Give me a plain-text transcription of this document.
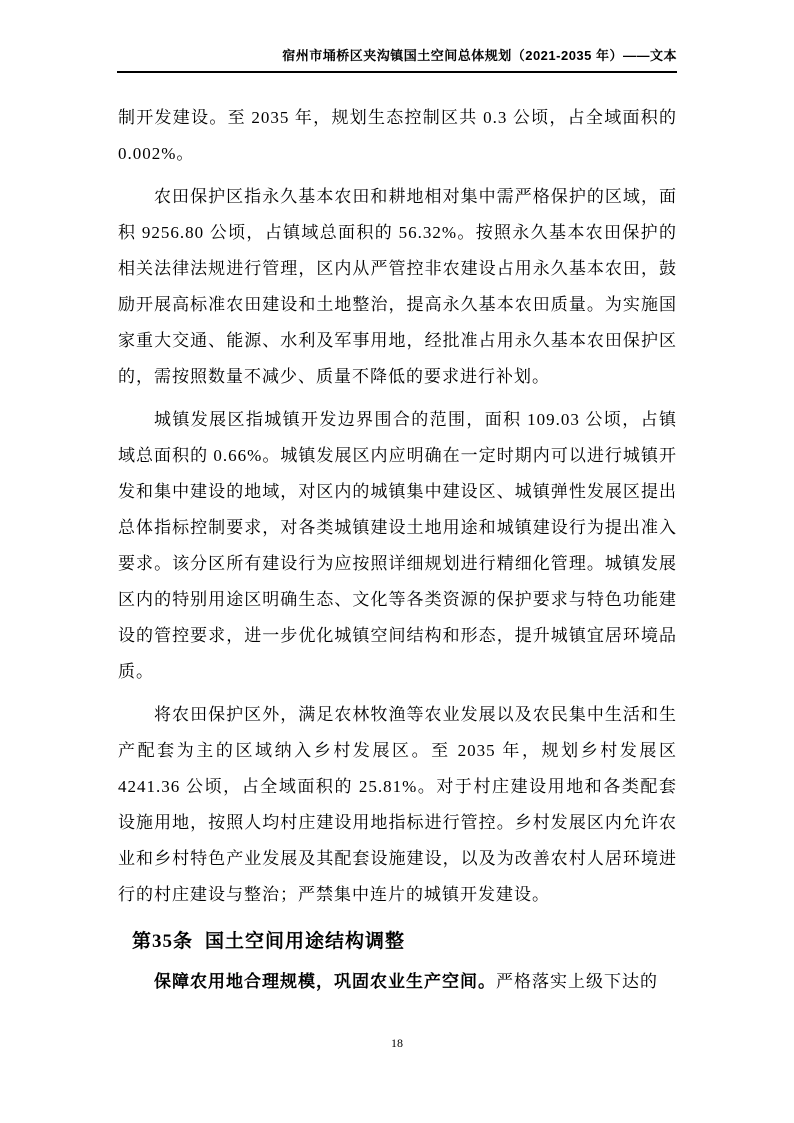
宿州市埇桥区夹沟镇国土空间总体规划（2021-2035 年）——文本

制开发建设。至 2035 年，规划生态控制区共 0.3 公顷，占全域面积的 0.002%。

农田保护区指永久基本农田和耕地相对集中需严格保护的区域，面积 9256.80 公顷，占镇域总面积的 56.32%。按照永久基本农田保护的相关法律法规进行管理，区内从严管控非农建设占用永久基本农田，鼓励开展高标准农田建设和土地整治，提高永久基本农田质量。为实施国家重大交通、能源、水利及军事用地，经批准占用永久基本农田保护区的，需按照数量不减少、质量不降低的要求进行补划。

城镇发展区指城镇开发边界围合的范围，面积 109.03 公顷，占镇域总面积的 0.66%。城镇发展区内应明确在一定时期内可以进行城镇开发和集中建设的地域，对区内的城镇集中建设区、城镇弹性发展区提出总体指标控制要求，对各类城镇建设土地用途和城镇建设行为提出准入要求。该分区所有建设行为应按照详细规划进行精细化管理。城镇发展区内的特别用途区明确生态、文化等各类资源的保护要求与特色功能建设的管控要求，进一步优化城镇空间结构和形态，提升城镇宜居环境品质。

将农田保护区外，满足农林牧渔等农业发展以及农民集中生活和生产配套为主的区域纳入乡村发展区。至 2035 年，规划乡村发展区 4241.36 公顷，占全域面积的 25.81%。对于村庄建设用地和各类配套设施用地，按照人均村庄建设用地指标进行管控。乡村发展区内允许农业和乡村特色产业发展及其配套设施建设，以及为改善农村人居环境进行的村庄建设与整治；严禁集中连片的城镇开发建设。

第35条 国土空间用途结构调整

保障农用地合理规模，巩固农业生产空间。严格落实上级下达的

18
